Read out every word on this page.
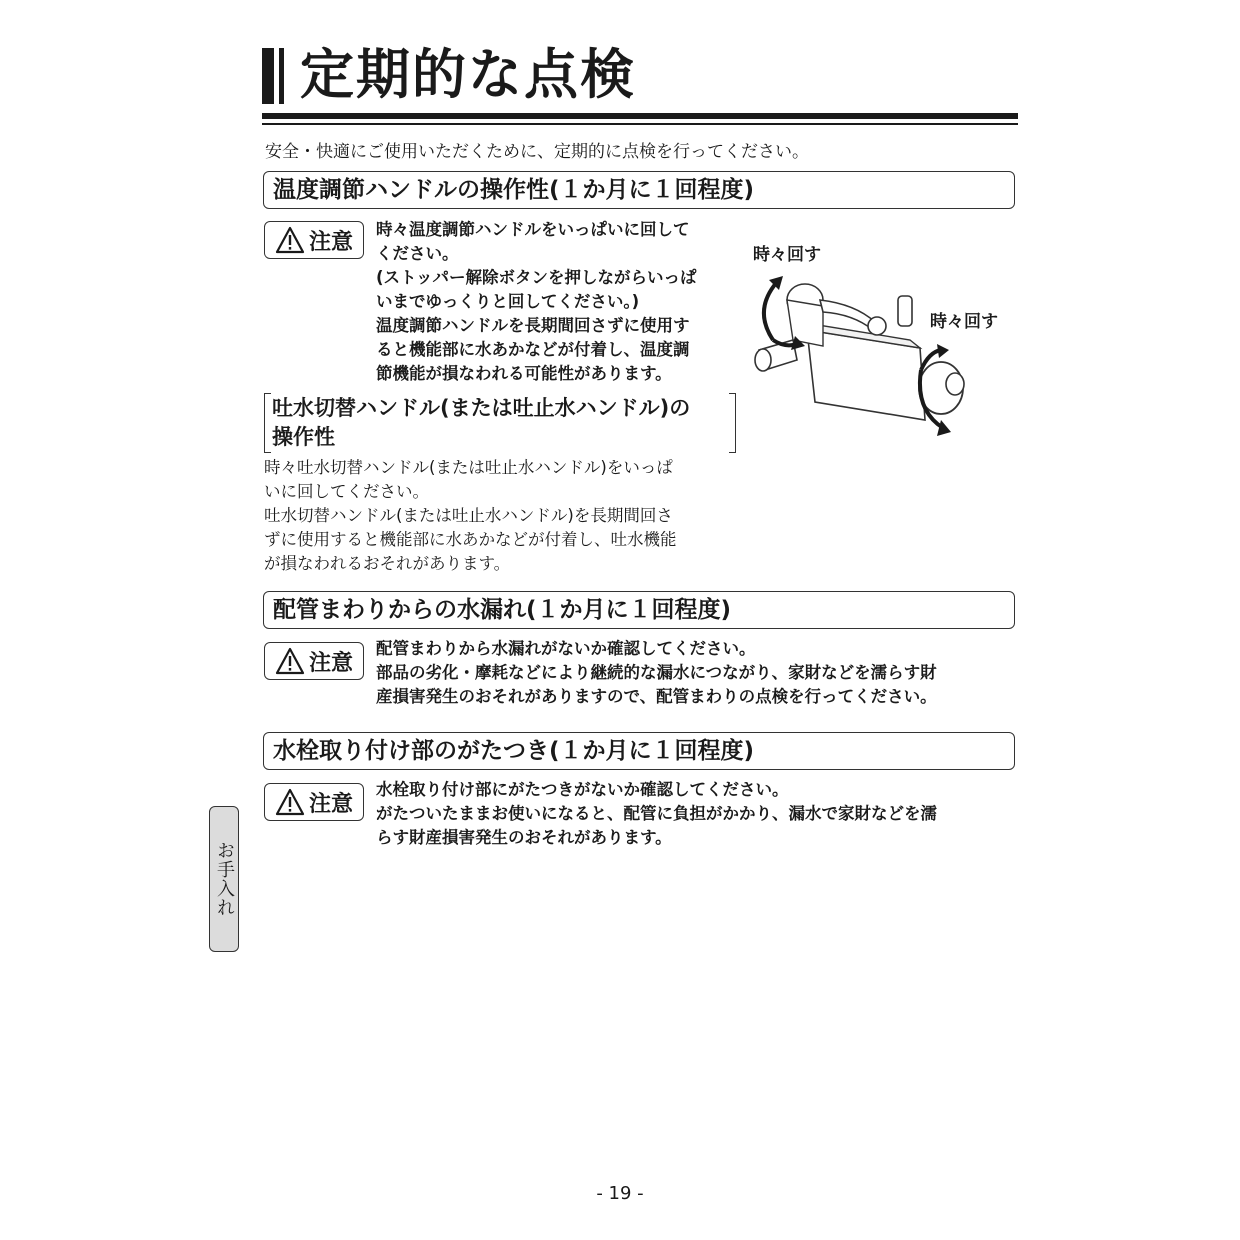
定期的な点検
安全・快適にご使用いただくために、定期的に点検を行ってください。
温度調節ハンドルの操作性(１か月に１回程度)
注意 時々温度調節ハンドルをいっぱいに回して
ください。
(ストッパー解除ボタンを押しながらいっぱ
いまでゆっくりと回してください。)
温度調節ハンドルを長期間回さずに使用す
ると機能部に水あかなどが付着し、温度調
節機能が損なわれる可能性があります。
時々回す
時々回す
吐水切替ハンドル(または吐止水ハンドル)の
操作性
時々吐水切替ハンドル(または吐止水ハンドル)をいっぱ
いに回してください。
吐水切替ハンドル(または吐止水ハンドル)を長期間回さ
ずに使用すると機能部に水あかなどが付着し、吐水機能
が損なわれるおそれがあります。
配管まわりからの水漏れ(１か月に１回程度)
注意
配管まわりから水漏れがないか確認してください。
部品の劣化・摩耗などにより継続的な漏水につながり、家財などを濡らす財
産損害発生のおそれがありますので、配管まわりの点検を行ってください。
水栓取り付け部のがたつき(１か月に１回程度)
注意
水栓取り付け部にがたつきがないか確認してください。
がたついたままお使いになると、配管に負担がかかり、漏水で家財などを濡
らす財産損害発生のおそれがあります。
お手入れ
- 19 -
